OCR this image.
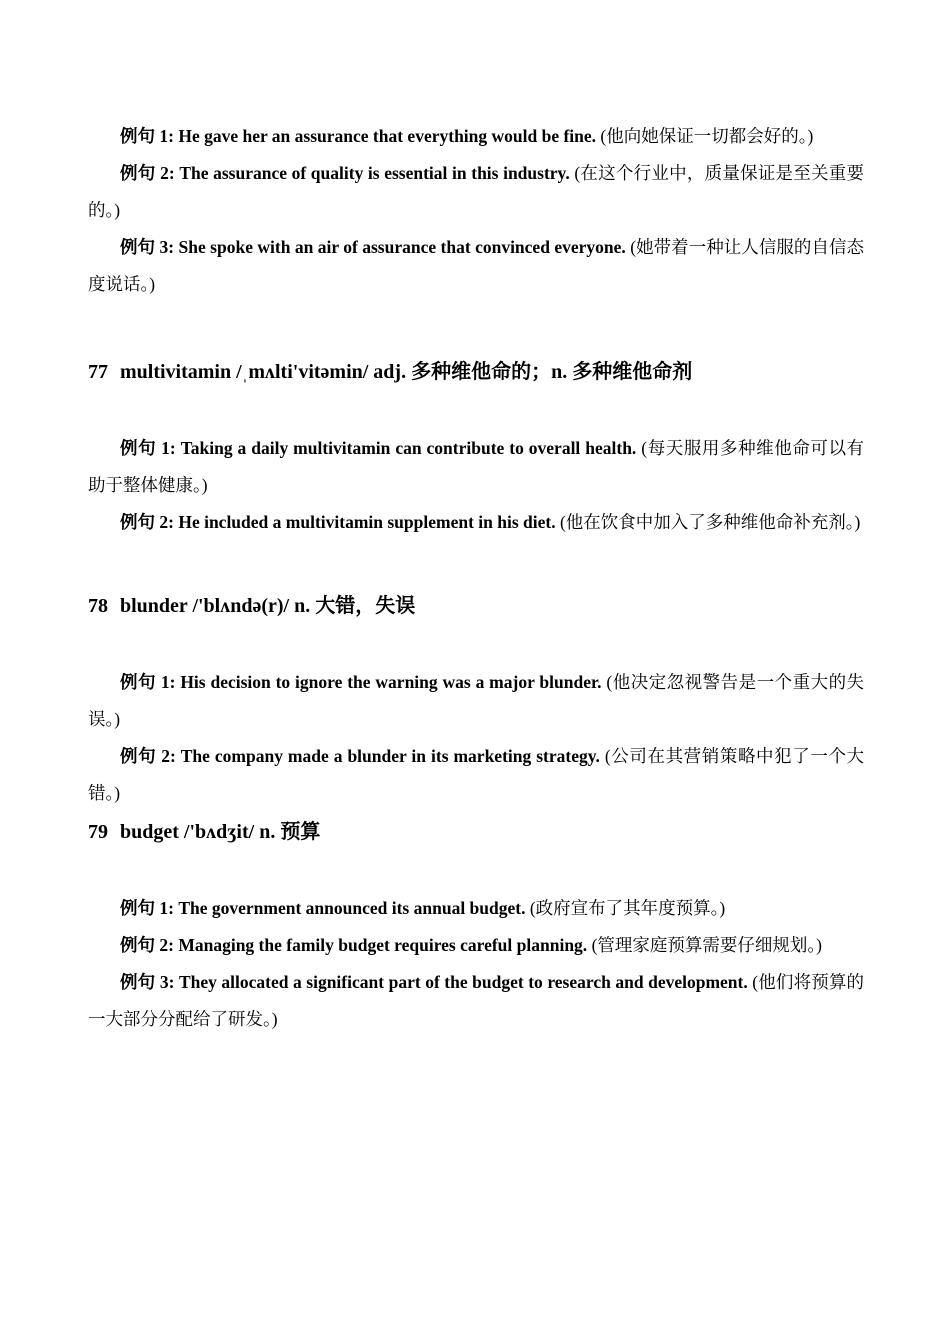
例句 1: He gave her an assurance that everything would be fine. (他向她保证一切都会好的。)

例句 2: The assurance of quality is essential in this industry. (在这个行业中，质量保证是至关重要的。)

例句 3: She spoke with an air of assurance that convinced everyone. (她带着一种让人信服的自信态度说话。)

77 multivitamin /ˌmʌlti'vitəmin/ adj. 多种维他命的；n. 多种维他命剂

例句 1: Taking a daily multivitamin can contribute to overall health. (每天服用多种维他命可以有助于整体健康。)

例句 2: He included a multivitamin supplement in his diet. (他在饮食中加入了多种维他命补充剂。)

78 blunder /'blʌndə(r)/ n. 大错，失误

例句 1: His decision to ignore the warning was a major blunder. (他决定忽视警告是一个重大的失误。)

例句 2: The company made a blunder in its marketing strategy. (公司在其营销策略中犯了一个大错。)

79 budget /'bʌdʒit/ n. 预算

例句 1: The government announced its annual budget. (政府宣布了其年度预算。)

例句 2: Managing the family budget requires careful planning. (管理家庭预算需要仔细规划。)

例句 3: They allocated a significant part of the budget to research and development. (他们将预算的一大部分分配给了研发。)
